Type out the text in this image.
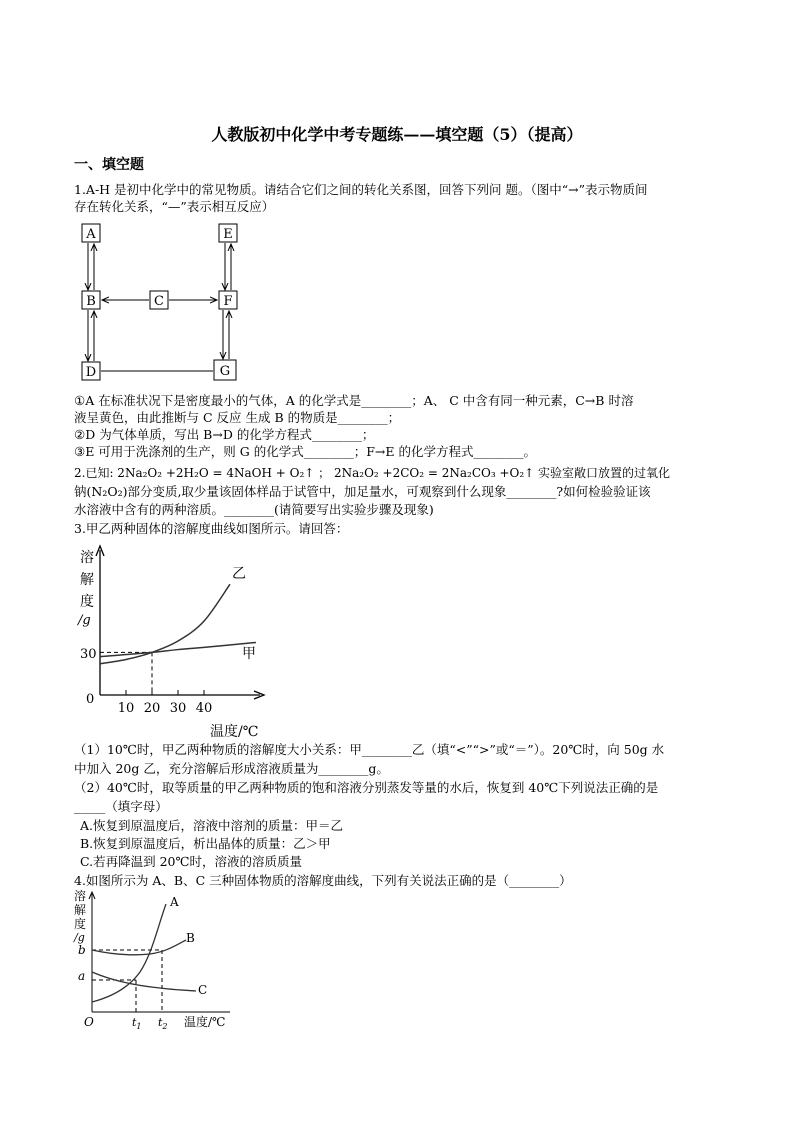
人教版初中化学中考专题练——填空题（5）（提高）
一、填空题
1.A-H 是初中化学中的常见物质。请结合它们之间的转化关系图，回答下列问 题。（图中“→”表示物质间
存在转化关系，“—”表示相互反应）
A	E
B	C	F
D	G
①A 在标准状况下是密度最小的气体，A 的化学式是________；A、 C 中含有同一种元素，C→B 时溶
液呈黄色，由此推断与 C 反应 生成 B 的物质是________；
②D 为气体单质，写出 B→D 的化学方程式________；
③E 可用于洗涤剂的生产，则 G 的化学式________；F→E 的化学方程式________。
2.已知: 2Na₂O₂ +2H₂O = 4NaOH + O₂↑ ； 2Na₂O₂ +2CO₂ = 2Na₂CO₃ +O₂↑ 实验室敞口放置的过氧化
钠(N₂O₂)部分变质,取少量该固体样品于试管中，加足量水，可观察到什么现象________?如何检验验证该
水溶液中含有的两种溶质。________(请简要写出实验步骤及现象)
3.甲乙两种固体的溶解度曲线如图所示。请回答：
溶
解
度
/g
30
0
10 20 30 40
乙
甲
温度/℃
（1）10℃时，甲乙两种物质的溶解度大小关系：甲________乙（填“<”“>”或“＝”）。20℃时，向 50g 水
中加入 20g 乙，充分溶解后形成溶液质量为________g。
（2）40℃时，取等质量的甲乙两种物质的饱和溶液分别蒸发等量的水后，恢复到 40℃下列说法正确的是
_____（填字母）
A.恢复到原温度后，溶液中溶剂的质量：甲＝乙
B.恢复到原温度后，析出晶体的质量：乙＞甲
C.若再降温到 20℃时，溶液的溶质质量
4.如图所示为 A、B、C 三种固体物质的溶解度曲线，下列有关说法正确的是（________）
溶
解
度
/g
b
a
O
A
B
C
$t_1$ $t_2$ 温度/℃
